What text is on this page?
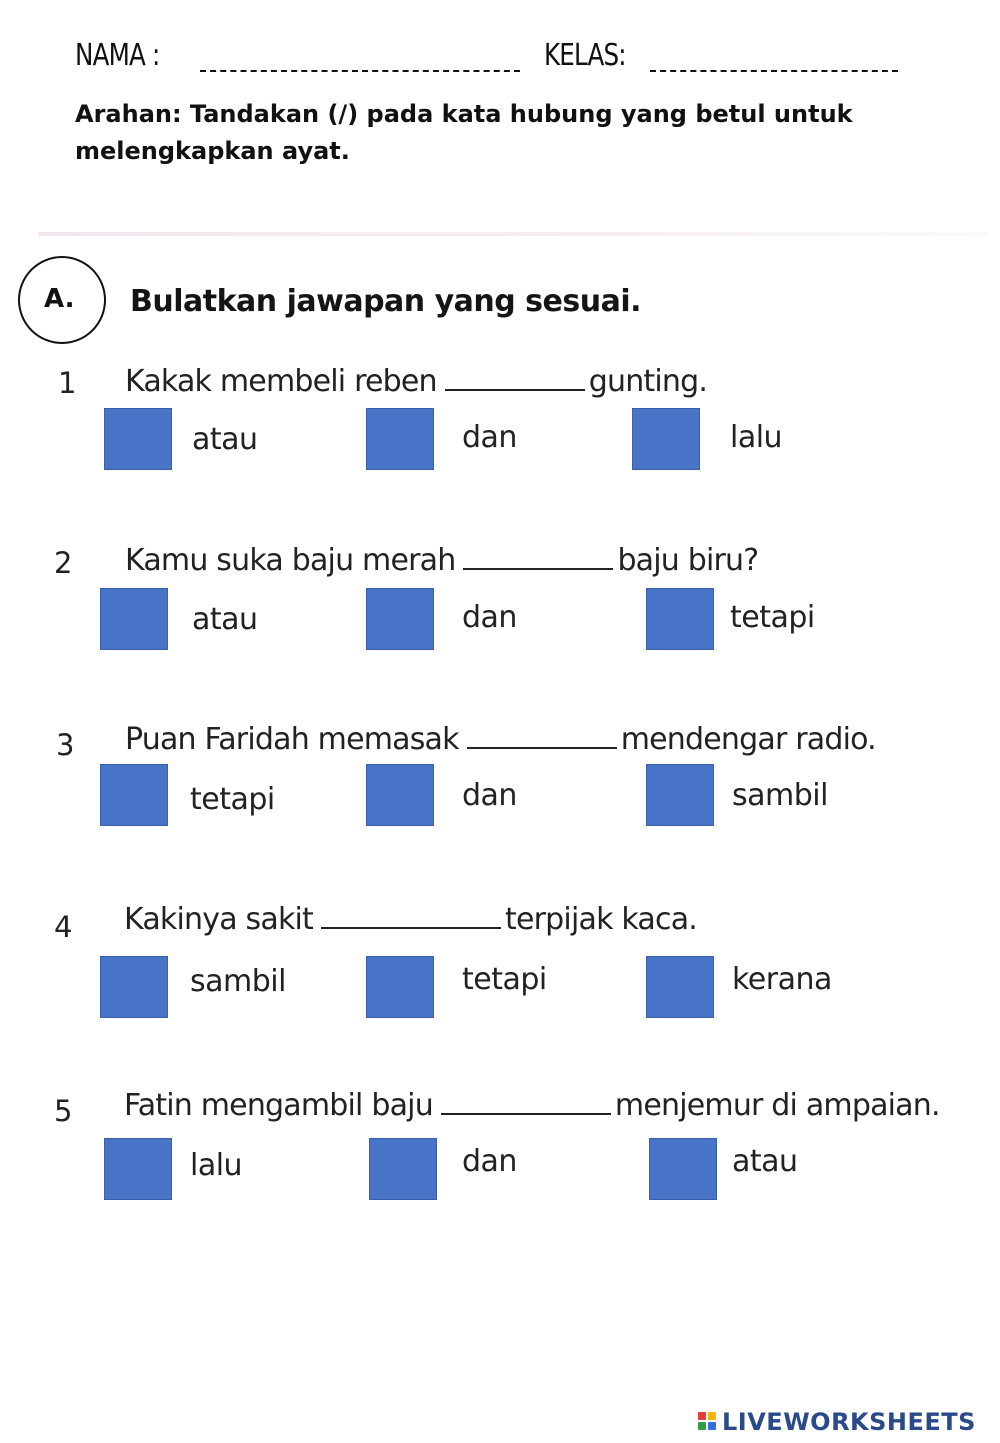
NAMA :	KELAS:
Arahan: Tandakan (/) pada kata hubung yang betul untuk melengkapkan ayat.
A. Bulatkan jawapan yang sesuai.
1 Kakak membeli reben	gunting.
atau	dan	lalu
2 Kamu suka baju merah	baju biru?
atau	dan	tetapi
3 Puan Faridah memasak	mendengar radio.
tetapi	dan	sambil
4 Kakinya sakit	terpijak kaca.
sambil	tetapi	kerana
5 Fatin mengambil baju	menjemur di ampaian.
lalu	dan	atau
LIVEWORKSHEETS
